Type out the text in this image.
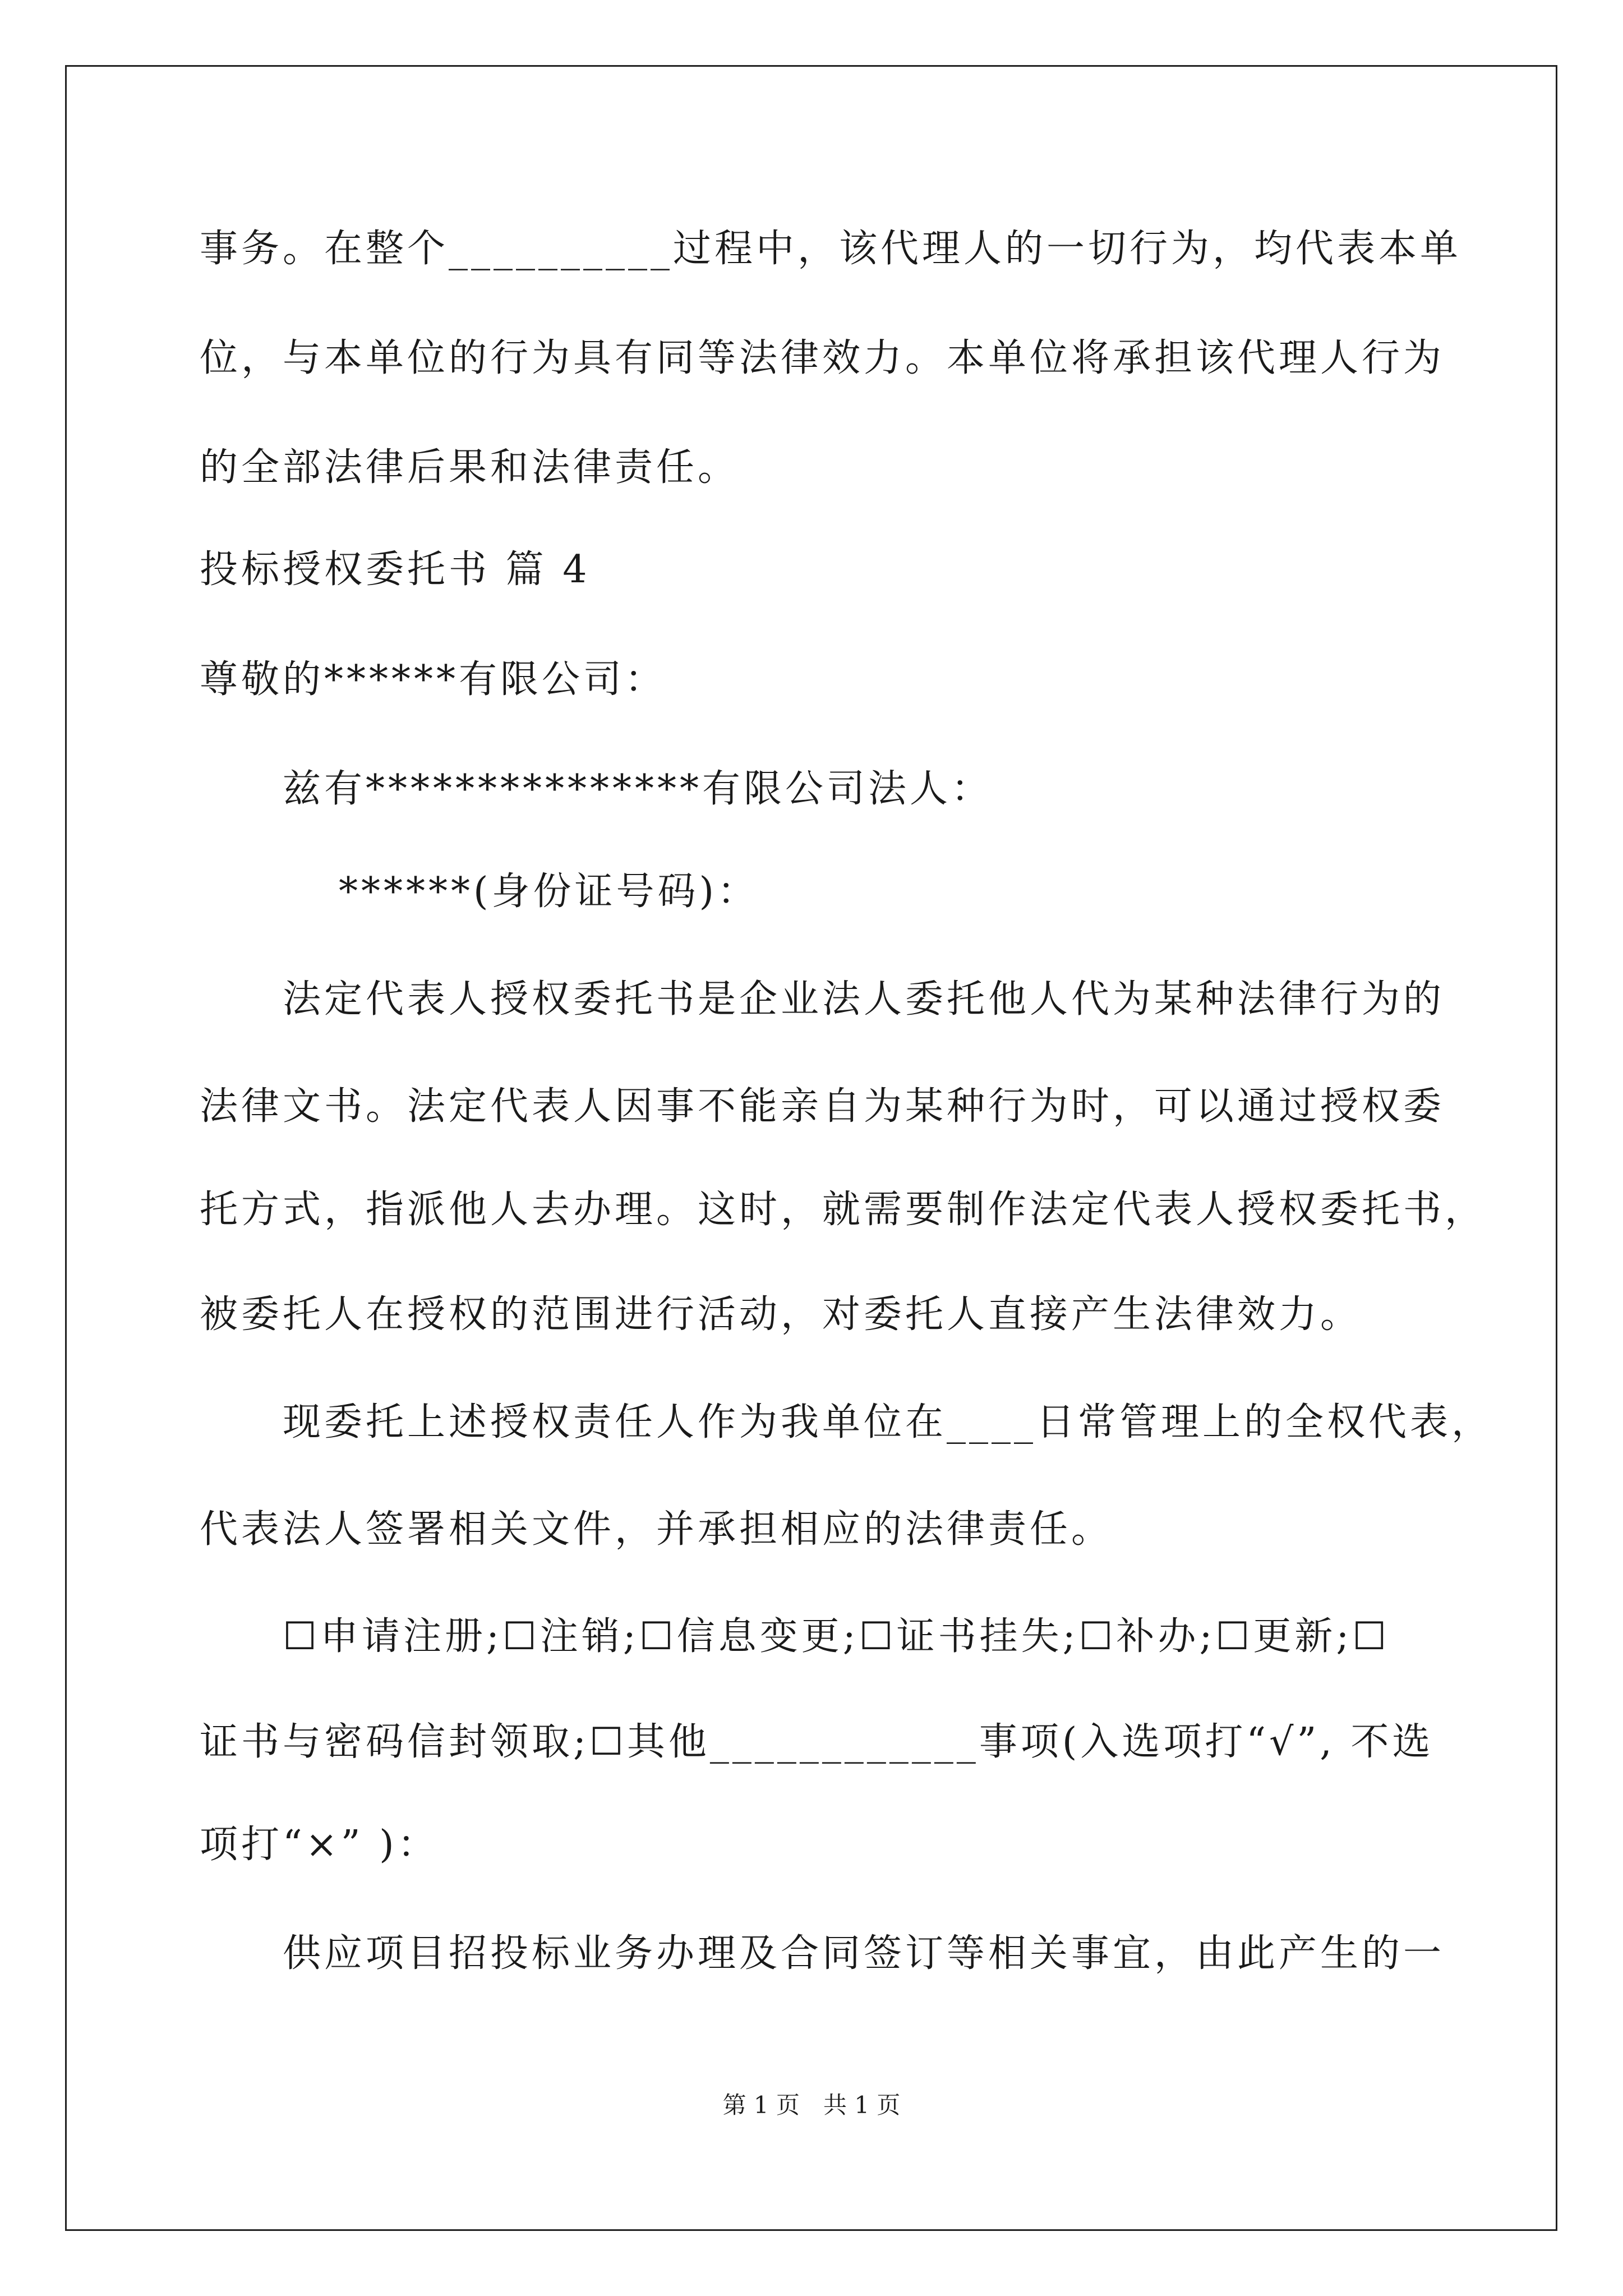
事务。在整个__________过程中，该代理人的一切行为，均代表本单
位，与本单位的行为具有同等法律效力。本单位将承担该代理人行为
的全部法律后果和法律责任。
投标授权委托书 篇 4
尊敬的******有限公司：
兹有***************有限公司法人：
******(身份证号码)：
法定代表人授权委托书是企业法人委托他人代为某种法律行为的
法律文书。法定代表人因事不能亲自为某种行为时，可以通过授权委
托方式，指派他人去办理。这时，就需要制作法定代表人授权委托书，
被委托人在授权的范围进行活动，对委托人直接产生法律效力。
现委托上述授权责任人作为我单位在____日常管理上的全权代表，
代表法人签署相关文件，并承担相应的法律责任。
☐申请注册;☐注销;☐信息变更;☐证书挂失;☐补办;☐更新;☐
证书与密码信封领取;☐其他____________事项(入选项打“√”, 不选
项打“×” )：
供应项目招投标业务办理及合同签订等相关事宜，由此产生的一
第 1 页　共 1 页
